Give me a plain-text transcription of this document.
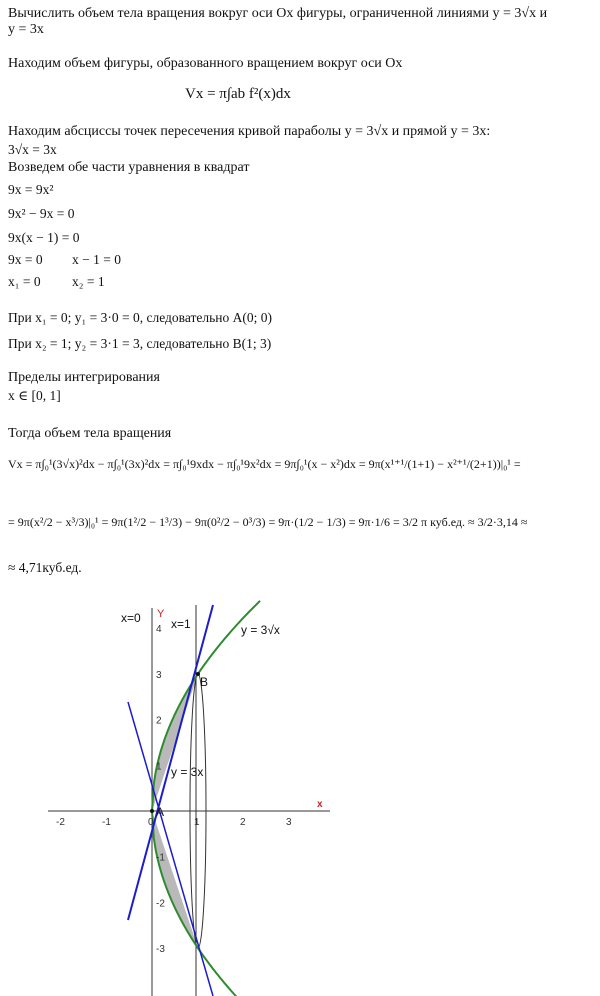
Вычислить объем тела вращения вокруг оси Ох фигуры, ограниченной линиями y = 3√x и
y = 3x
Находим объем фигуры, образованного вращением вокруг оси Ох
Vx = π∫ab f²(x)dx
Находим абсциссы точек пересечения кривой параболы y = 3√x и прямой y = 3x:
3√x = 3x
Возведем обе части уравнения в квадрат
9x = 9x²
9x² − 9x = 0
9x(x − 1) = 0
9x = 0 x − 1 = 0
x₁ = 0 x₂ = 1
При x₁ = 0; y₁ = 3·0 = 0, следовательно A(0; 0)
При x₂ = 1; y₂ = 3·1 = 3, следовательно B(1; 3)
Пределы интегрирования
x ∈ [0, 1]
Тогда объем тела вращения
Vx = π∫₀¹(3√x)²dx − π∫₀¹(3x)²dx = π∫₀¹9xdx − π∫₀¹9x²dx = 9π∫₀¹(x − x²)dx = 9π(x¹⁺¹/(1+1) − x²⁺¹/(2+1))|₀¹ =
= 9π(x²/2 − x³/3)|₀¹ = 9π(1²/2 − 1³/3) − 9π(0²/2 − 0³/3) = 9π·(1/2 − 1/3) = 9π·1/6 = 3/2 π куб.ед. ≈ 3/2·3,14 ≈
≈ 4,71куб.ед.
-2	-1	0	1	2	3
4
3
2
1
-1
-2
-3
x
Y
x=0	x=1	y = 3√x
y = 3x
A
B
